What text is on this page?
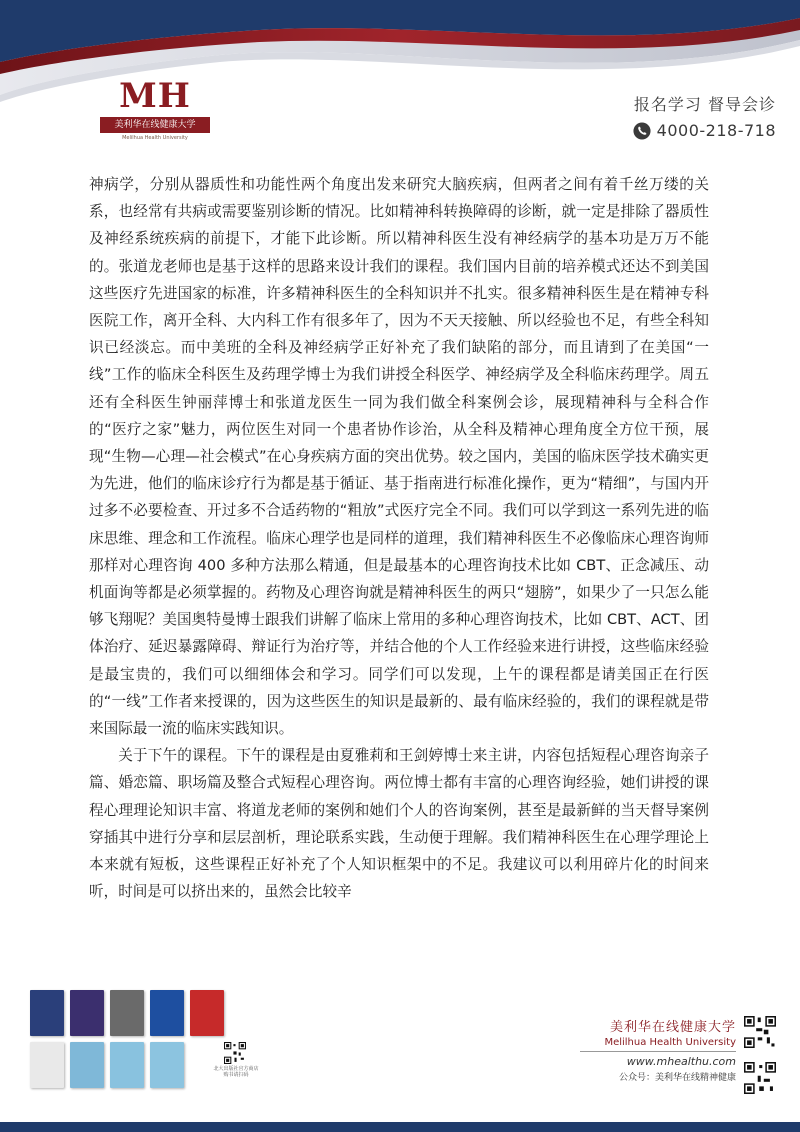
MH
美利华在线健康大学
Melilhua Health University
报名学习 督导会诊
4000-218-718

神病学，分别从器质性和功能性两个角度出发来研究大脑疾病，但两者之间有着千丝万缕的关系，也经常有共病或需要鉴别诊断的情况。比如精神科转换障碍的诊断，就一定是排除了器质性及神经系统疾病的前提下，才能下此诊断。所以精神科医生没有神经病学的基本功是万万不能的。张道龙老师也是基于这样的思路来设计我们的课程。我们国内目前的培养模式还达不到美国这些医疗先进国家的标准，许多精神科医生的全科知识并不扎实。很多精神科医生是在精神专科医院工作，离开全科、大内科工作有很多年了，因为不天天接触、所以经验也不足，有些全科知识已经淡忘。而中美班的全科及神经病学正好补充了我们缺陷的部分，而且请到了在美国“一线”工作的临床全科医生及药理学博士为我们讲授全科医学、神经病学及全科临床药理学。周五还有全科医生钟丽萍博士和张道龙医生一同为我们做全科案例会诊，展现精神科与全科合作的“医疗之家”魅力，两位医生对同一个患者协作诊治，从全科及精神心理角度全方位干预，展现“生物—心理—社会模式”在心身疾病方面的突出优势。较之国内，美国的临床医学技术确实更为先进，他们的临床诊疗行为都是基于循证、基于指南进行标准化操作，更为“精细”，与国内开过多不必要检查、开过多不合适药物的“粗放”式医疗完全不同。我们可以学到这一系列先进的临床思维、理念和工作流程。临床心理学也是同样的道理，我们精神科医生不必像临床心理咨询师那样对心理咨询 400 多种方法那么精通，但是最基本的心理咨询技术比如 CBT、正念减压、动机面询等都是必须掌握的。药物及心理咨询就是精神科医生的两只“翅膀”，如果少了一只怎么能够飞翔呢？美国奥特曼博士跟我们讲解了临床上常用的多种心理咨询技术，比如 CBT、ACT、团体治疗、延迟暴露障碍、辩证行为治疗等，并结合他的个人工作经验来进行讲授，这些临床经验是最宝贵的，我们可以细细体会和学习。同学们可以发现，上午的课程都是请美国正在行医的“一线”工作者来授课的，因为这些医生的知识是最新的、最有临床经验的，我们的课程就是带来国际最一流的临床实践知识。

关于下午的课程。下午的课程是由夏雅莉和王剑婷博士来主讲，内容包括短程心理咨询亲子篇、婚恋篇、职场篇及整合式短程心理咨询。两位博士都有丰富的心理咨询经验，她们讲授的课程心理理论知识丰富、将道龙老师的案例和她们个人的咨询案例，甚至是最新鲜的当天督导案例穿插其中进行分享和层层剖析，理论联系实践，生动便于理解。我们精神科医生在心理学理论上本来就有短板，这些课程正好补充了个人知识框架中的不足。我建议可以利用碎片化的时间来听，时间是可以挤出来的，虽然会比较辛

北大出版社官方商店 购书请扫码
美利华在线健康大学
Melilhua Health University
www.mhealthu.com
公众号：美利华在线精神健康
